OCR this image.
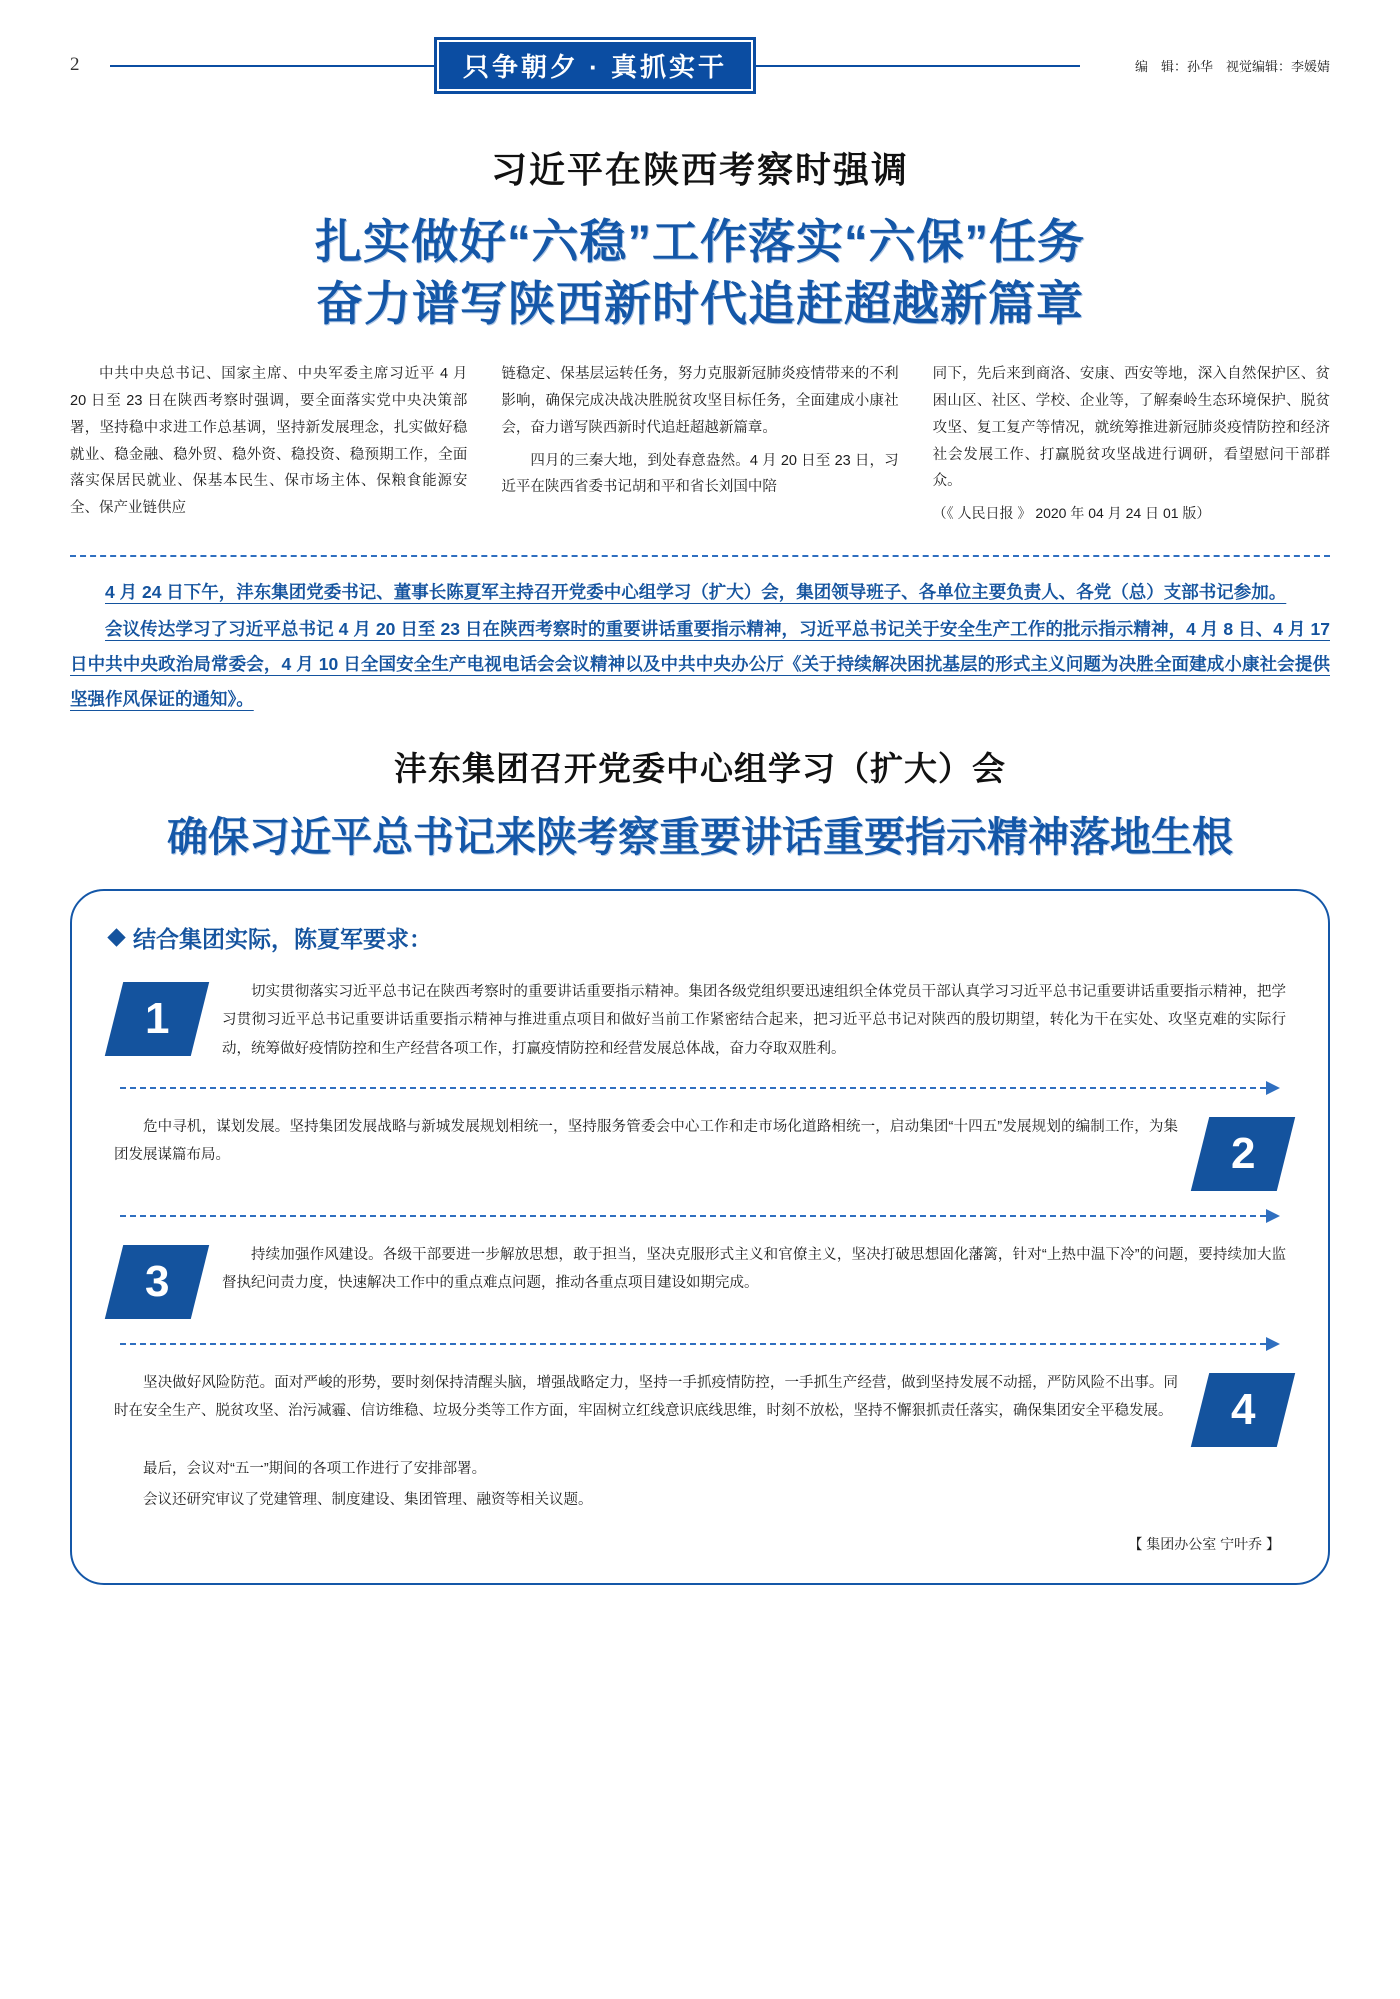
2	只争朝夕 · 真抓实干	编　辑：孙华　视觉编辑：李媛婧
习近平在陕西考察时强调
扎实做好“六稳”工作落实“六保”任务
奋力谱写陕西新时代追赶超越新篇章

中共中央总书记、国家主席、中央军委主席习近平 4 月 20 日至 23 日在陕西考察时强调，要全面落实党中央决策部署，坚持稳中求进工作总基调，坚持新发展理念，扎实做好稳就业、稳金融、稳外贸、稳外资、稳投资、稳预期工作，全面落实保居民就业、保基本民生、保市场主体、保粮食能源安全、保产业链供应

链稳定、保基层运转任务，努力克服新冠肺炎疫情带来的不利影响，确保完成决战决胜脱贫攻坚目标任务，全面建成小康社会，奋力谱写陕西新时代追赶超越新篇章。

四月的三秦大地，到处春意盎然。4 月 20 日至 23 日，习近平在陕西省委书记胡和平和省长刘国中陪

同下，先后来到商洛、安康、西安等地，深入自然保护区、贫困山区、社区、学校、企业等，了解秦岭生态环境保护、脱贫攻坚、复工复产等情况，就统筹推进新冠肺炎疫情防控和经济社会发展工作、打赢脱贫攻坚战进行调研，看望慰问干部群众。

（《 人民日报 》 2020 年 04 月 24 日 01 版）

4 月 24 日下午，沣东集团党委书记、董事长陈夏军主持召开党委中心组学习（扩大）会，集团领导班子、各单位主要负责人、各党（总）支部书记参加。

会议传达学习了习近平总书记 4 月 20 日至 23 日在陕西考察时的重要讲话重要指示精神，习近平总书记关于安全生产工作的批示指示精神，4 月 8 日、4 月 17 日中共中央政治局常委会，4 月 10 日全国安全生产电视电话会会议精神以及中共中央办公厅《关于持续解决困扰基层的形式主义问题为决胜全面建成小康社会提供坚强作风保证的通知》。

沣东集团召开党委中心组学习（扩大）会
确保习近平总书记来陕考察重要讲话重要指示精神落地生根
结合集团实际，陈夏军要求：
1
切实贯彻落实习近平总书记在陕西考察时的重要讲话重要指示精神。集团各级党组织要迅速组织全体党员干部认真学习习近平总书记重要讲话重要指示精神，把学习贯彻习近平总书记重要讲话重要指示精神与推进重点项目和做好当前工作紧密结合起来，把习近平总书记对陕西的殷切期望，转化为干在实处、攻坚克难的实际行动，统筹做好疫情防控和生产经营各项工作，打赢疫情防控和经营发展总体战，奋力夺取双胜利。
2
危中寻机，谋划发展。坚持集团发展战略与新城发展规划相统一，坚持服务管委会中心工作和走市场化道路相统一，启动集团“十四五”发展规划的编制工作，为集团发展谋篇布局。
3
持续加强作风建设。各级干部要进一步解放思想，敢于担当，坚决克服形式主义和官僚主义，坚决打破思想固化藩篱，针对“上热中温下冷”的问题，要持续加大监督执纪问责力度，快速解决工作中的重点难点问题，推动各重点项目建设如期完成。
4
坚决做好风险防范。面对严峻的形势，要时刻保持清醒头脑，增强战略定力，坚持一手抓疫情防控，一手抓生产经营，做到坚持发展不动摇，严防风险不出事。同时在安全生产、脱贫攻坚、治污减霾、信访维稳、垃圾分类等工作方面，牢固树立红线意识底线思维，时刻不放松，坚持不懈狠抓责任落实，确保集团安全平稳发展。
最后，会议对“五一”期间的各项工作进行了安排部署。
会议还研究审议了党建管理、制度建设、集团管理、融资等相关议题。
【 集团办公室 宁叶乔 】
